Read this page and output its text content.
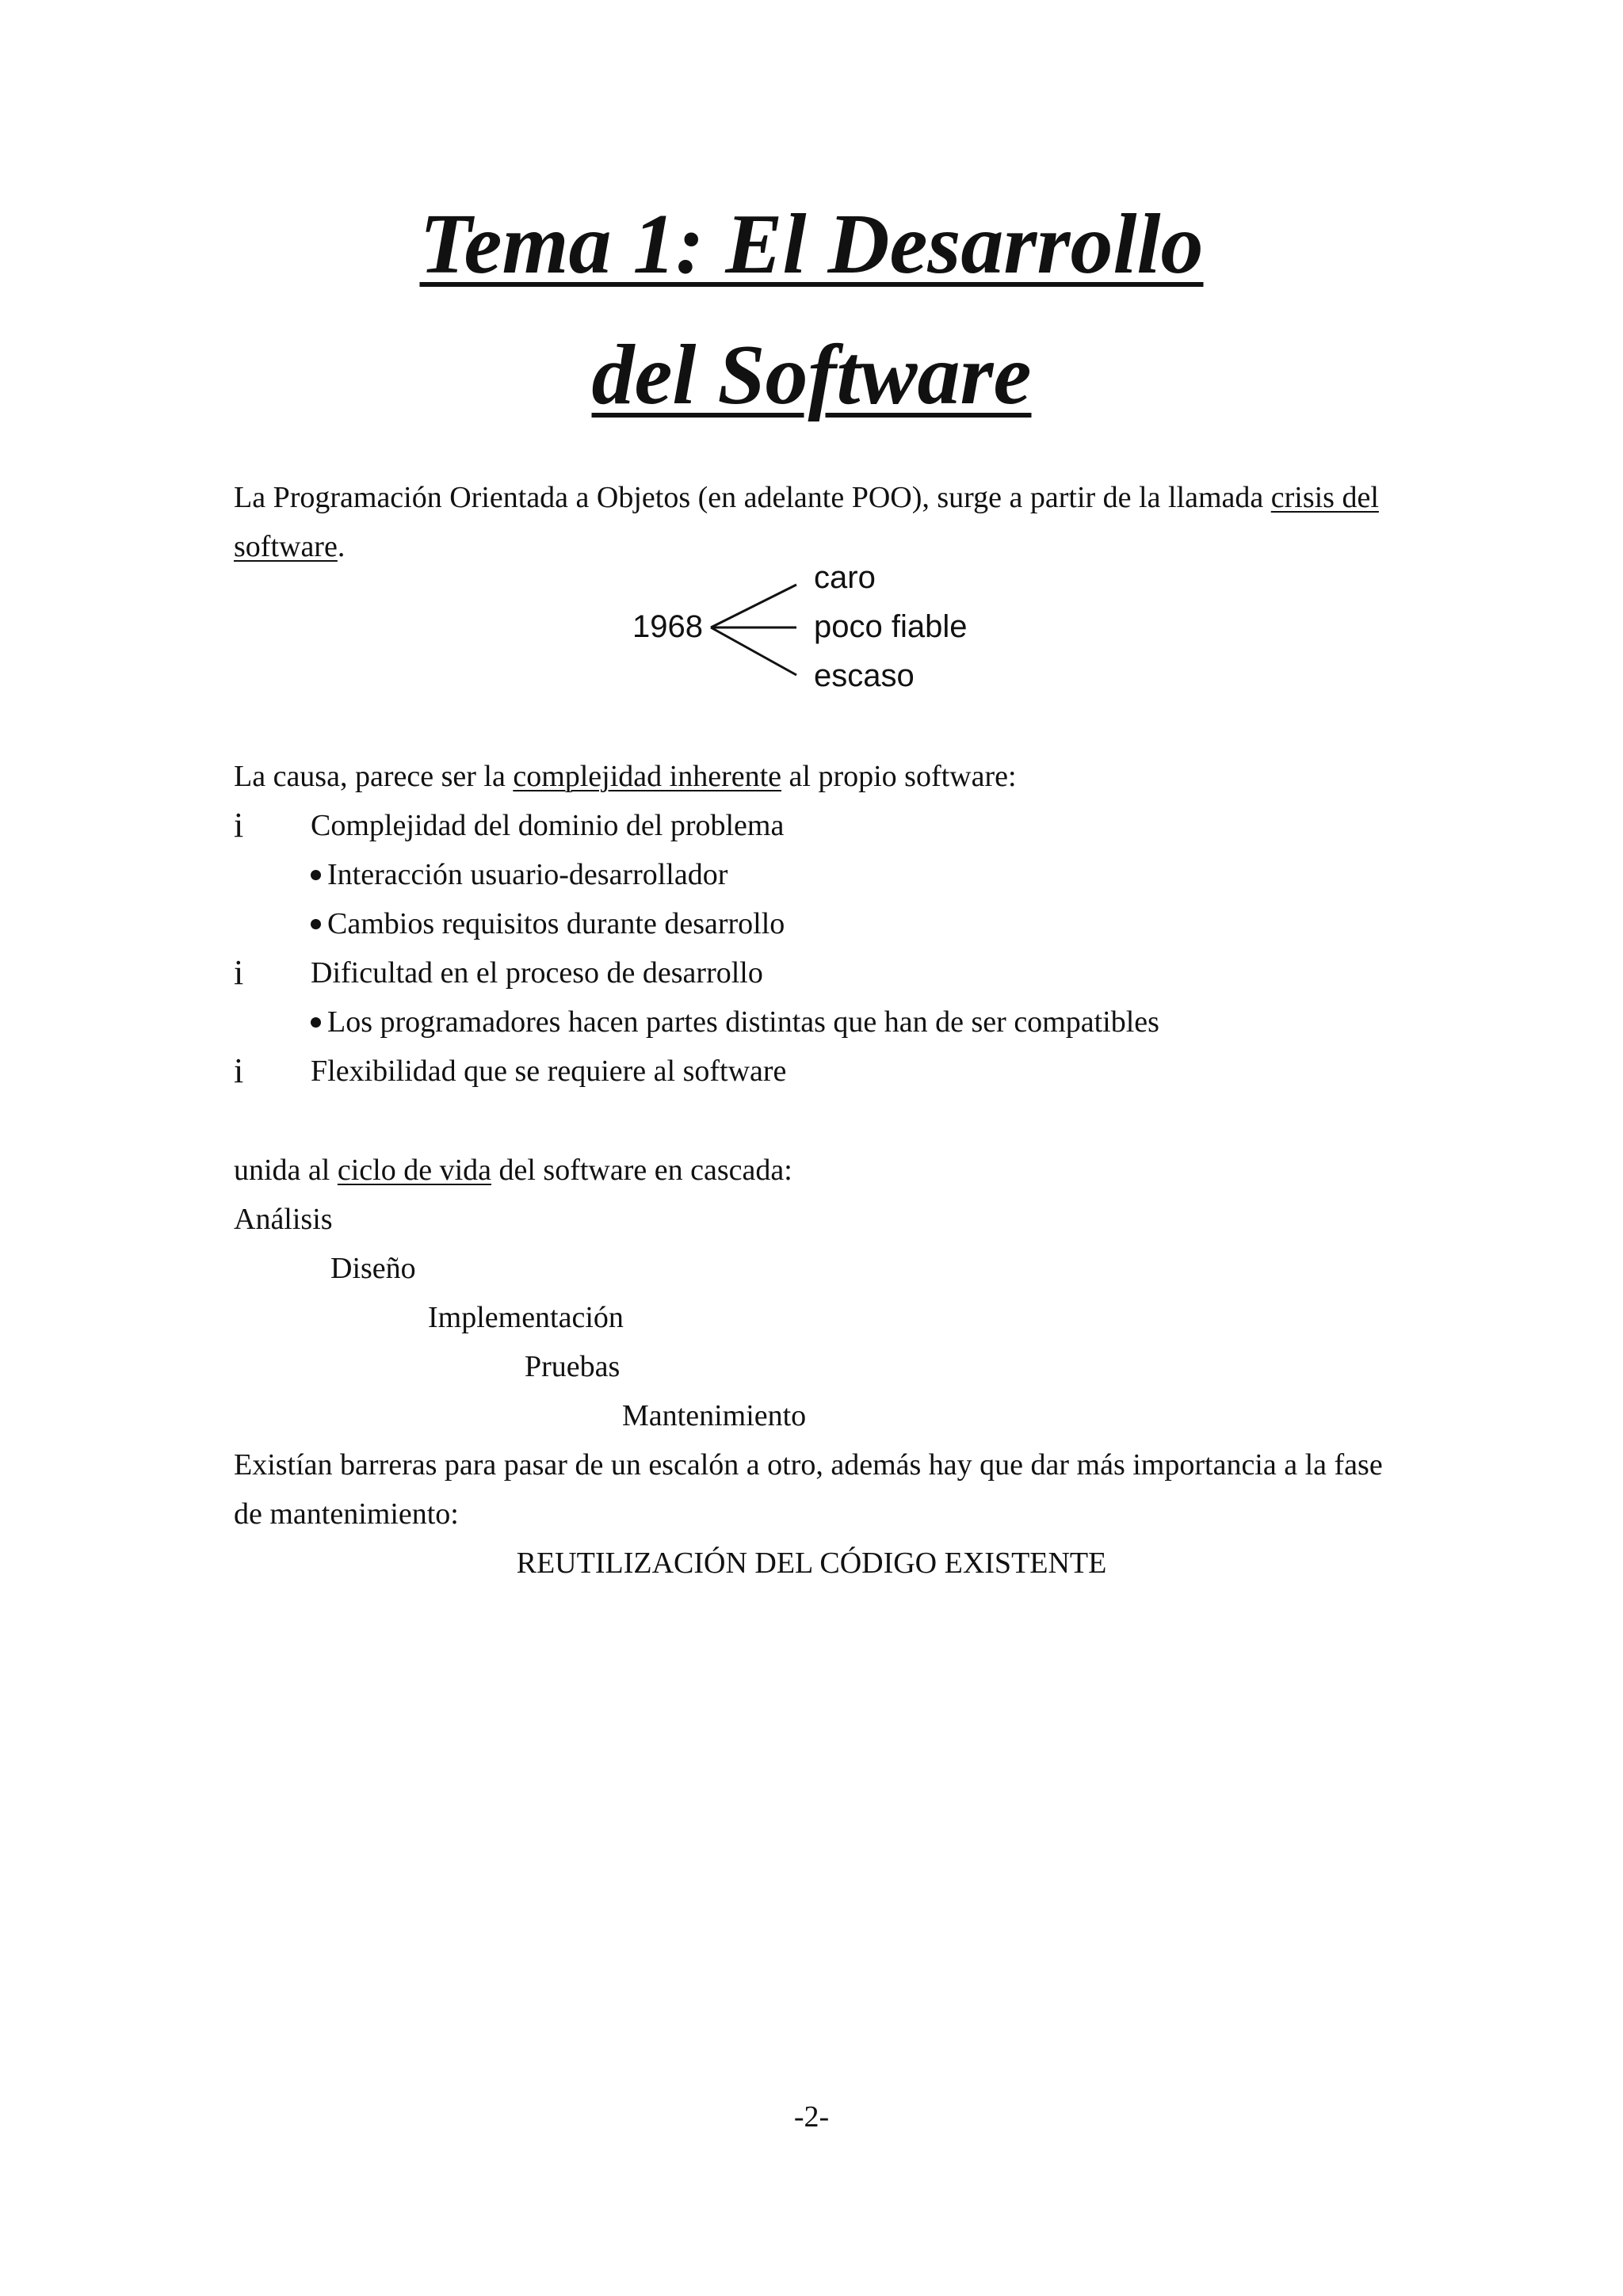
Tema 1: El Desarrollo
del Software
La Programación Orientada a Objetos (en adelante POO), surge a partir de la llamada crisis del
software.
1968
caro
poco fiable
escaso
La causa, parece ser la complejidad inherente al propio software:
i Complejidad del dominio del problema
Interacción usuario-desarrollador
Cambios requisitos durante desarrollo
i Dificultad en el proceso de desarrollo
Los programadores hacen partes distintas que han de ser compatibles
i Flexibilidad que se requiere al software
unida al ciclo de vida del software en cascada:
Análisis
Diseño
Implementación
Pruebas
Mantenimiento
Existían barreras para pasar de un escalón a otro, además hay que dar más importancia a la fase
de mantenimiento:
REUTILIZACIÓN DEL CÓDIGO EXISTENTE
-2-
